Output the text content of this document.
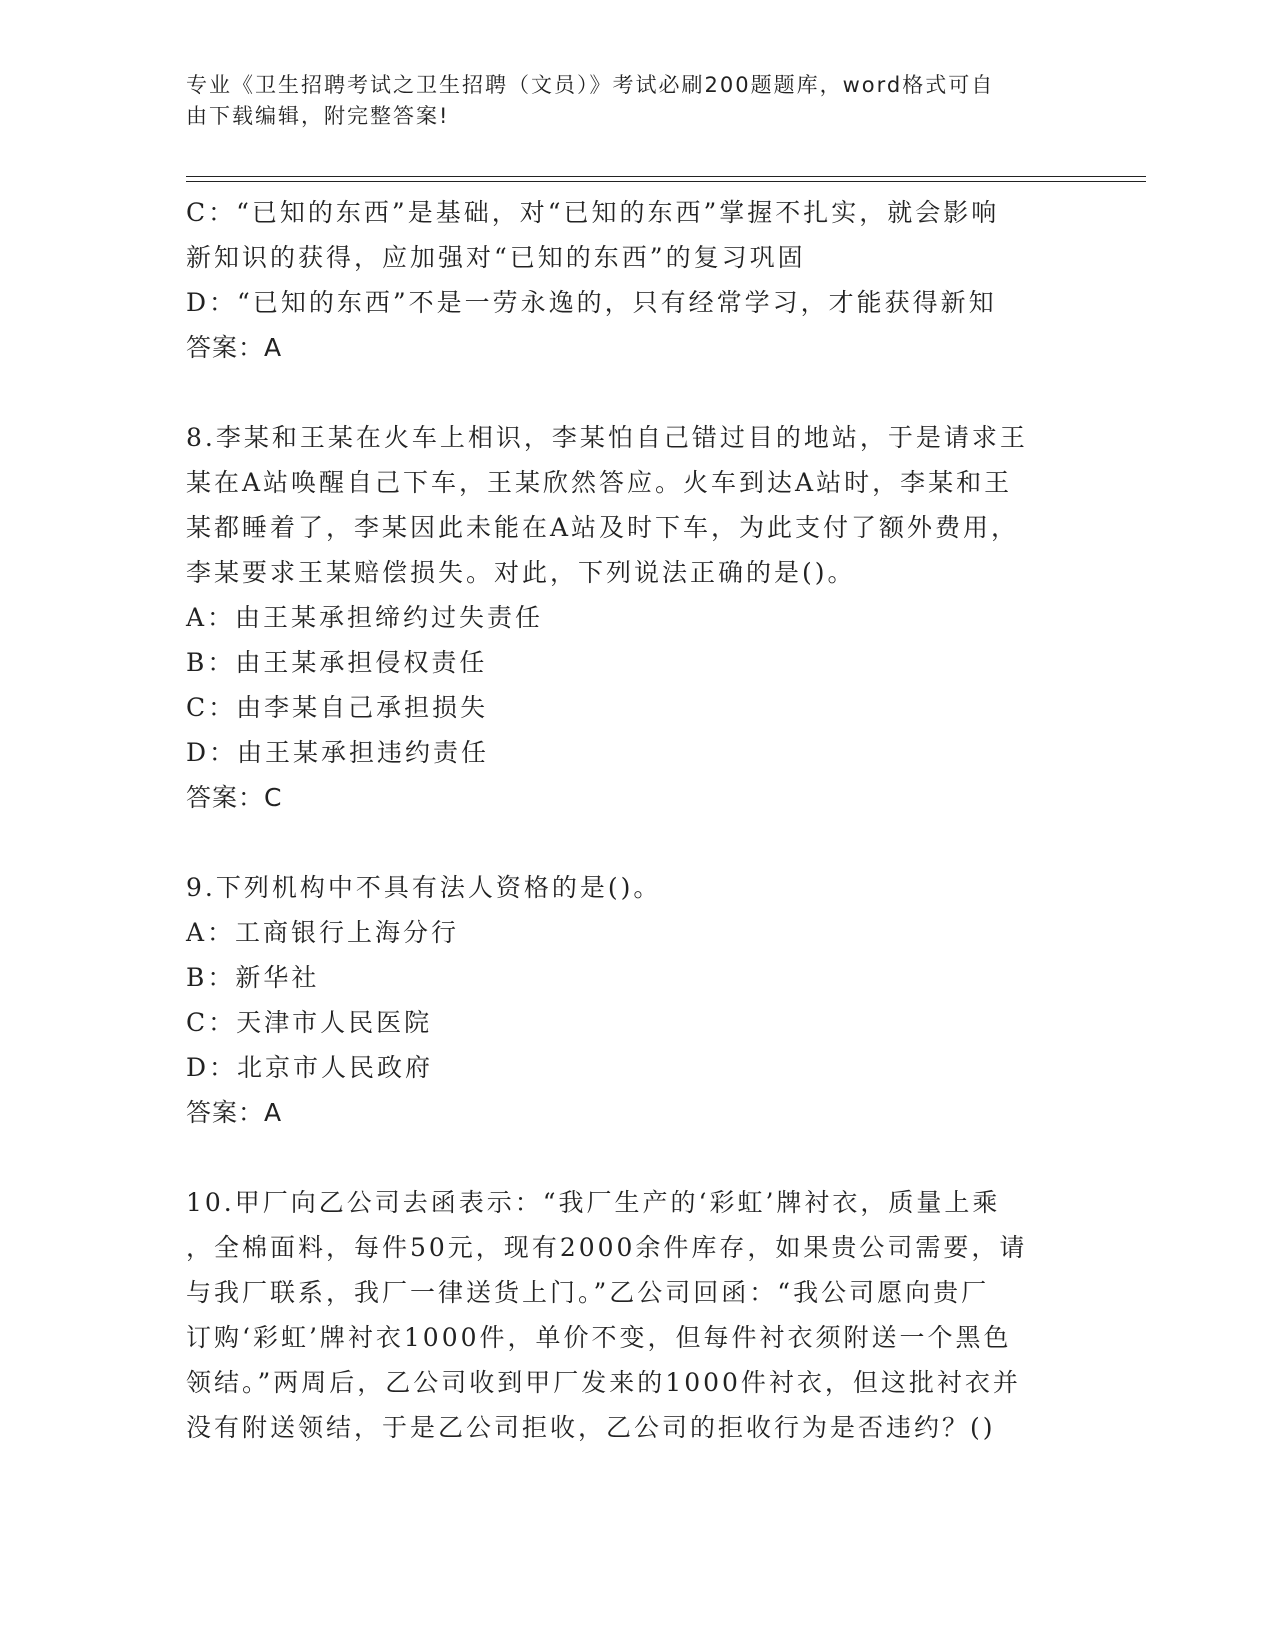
专业《卫生招聘考试之卫生招聘（文员）》考试必刷200题题库，word格式可自
由下载编辑，附完整答案!
C：“已知的东西”是基础，对“已知的东西”掌握不扎实，就会影响
新知识的获得，应加强对“已知的东西”的复习巩固
D：“已知的东西”不是一劳永逸的，只有经常学习，才能获得新知
答案：A
8.李某和王某在火车上相识，李某怕自己错过目的地站，于是请求王
某在A站唤醒自己下车，王某欣然答应。火车到达A站时，李某和王
某都睡着了，李某因此未能在A站及时下车，为此支付了额外费用，
李某要求王某赔偿损失。对此，下列说法正确的是()。
A：由王某承担缔约过失责任
B：由王某承担侵权责任
C：由李某自己承担损失
D：由王某承担违约责任
答案：C
9.下列机构中不具有法人资格的是()。
A：工商银行上海分行
B：新华社
C：天津市人民医院
D：北京市人民政府
答案：A
10.甲厂向乙公司去函表示：“我厂生产的‘彩虹’牌衬衣，质量上乘
，全棉面料，每件50元，现有2000余件库存，如果贵公司需要，请
与我厂联系，我厂一律送货上门。”乙公司回函：“我公司愿向贵厂
订购‘彩虹’牌衬衣1000件，单价不变，但每件衬衣须附送一个黑色
领结。”两周后，乙公司收到甲厂发来的1000件衬衣，但这批衬衣并
没有附送领结，于是乙公司拒收，乙公司的拒收行为是否违约？()
